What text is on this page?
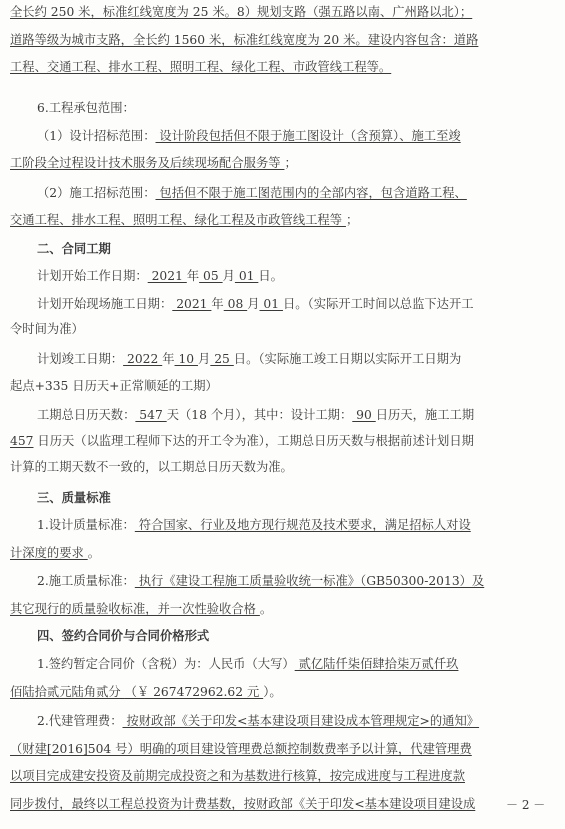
－ 2 －
全长约 250 米，标准红线宽度为 25 米。8）规划支路（强五路以南、广州路以北）；
道路等级为城市支路，全长约 1560 米，标准红线宽度为 20 米。建设内容包含：道路
工程、交通工程、排水工程、照明工程、绿化工程、市政管线工程等。
6.工程承包范围：
（1）设计招标范围： 设计阶段包括但不限于施工图设计（含预算）、施工至竣
工阶段全过程设计技术服务及后续现场配合服务等 ；
（2）施工招标范围： 包括但不限于施工图范围内的全部内容，包含道路工程、
交通工程、排水工程、照明工程、绿化工程及市政管线工程等 ；
二、合同工期
计划开始工作日期： 2021 年 05 月 01 日。
计划开始现场施工日期： 2021 年 08 月 01 日。（实际开工时间以总监下达开工
令时间为准）
计划竣工日期： 2022 年 10 月 25 日。（实际施工竣工日期以实际开工日期为
起点+335 日历天+正常顺延的工期）
工期总日历天数： 547 天（18 个月），其中：设计工期： 90 日历天，施工工期
457 日历天（以监理工程师下达的开工令为准），工期总日历天数与根据前述计划日期
计算的工期天数不一致的，以工期总日历天数为准。
三、质量标准
1.设计质量标准： 符合国家、行业及地方现行规范及技术要求，满足招标人对设
计深度的要求 。
2.施工质量标准： 执行《建设工程施工质量验收统一标准》（GB50300-2013）及
其它现行的质量验收标准，并一次性验收合格 。
四、签约合同价与合同价格形式
1.签约暂定合同价（含税）为：人民币（大写） 贰亿陆仟柒佰肆拾柒万贰仟玖
佰陆拾贰元陆角贰分 （￥ 267472962.62 元 ）。
2.代建管理费： 按财政部《关于印发<基本建设项目建设成本管理规定>的通知》
（财建[2016]504 号）明确的项目建设管理费总额控制数费率予以计算，代建管理费
以项目完成建安投资及前期完成投资之和为基数进行核算，按完成进度与工程进度款
同步拨付，最终以工程总投资为计费基数，按财政部《关于印发<基本建设项目建设成
